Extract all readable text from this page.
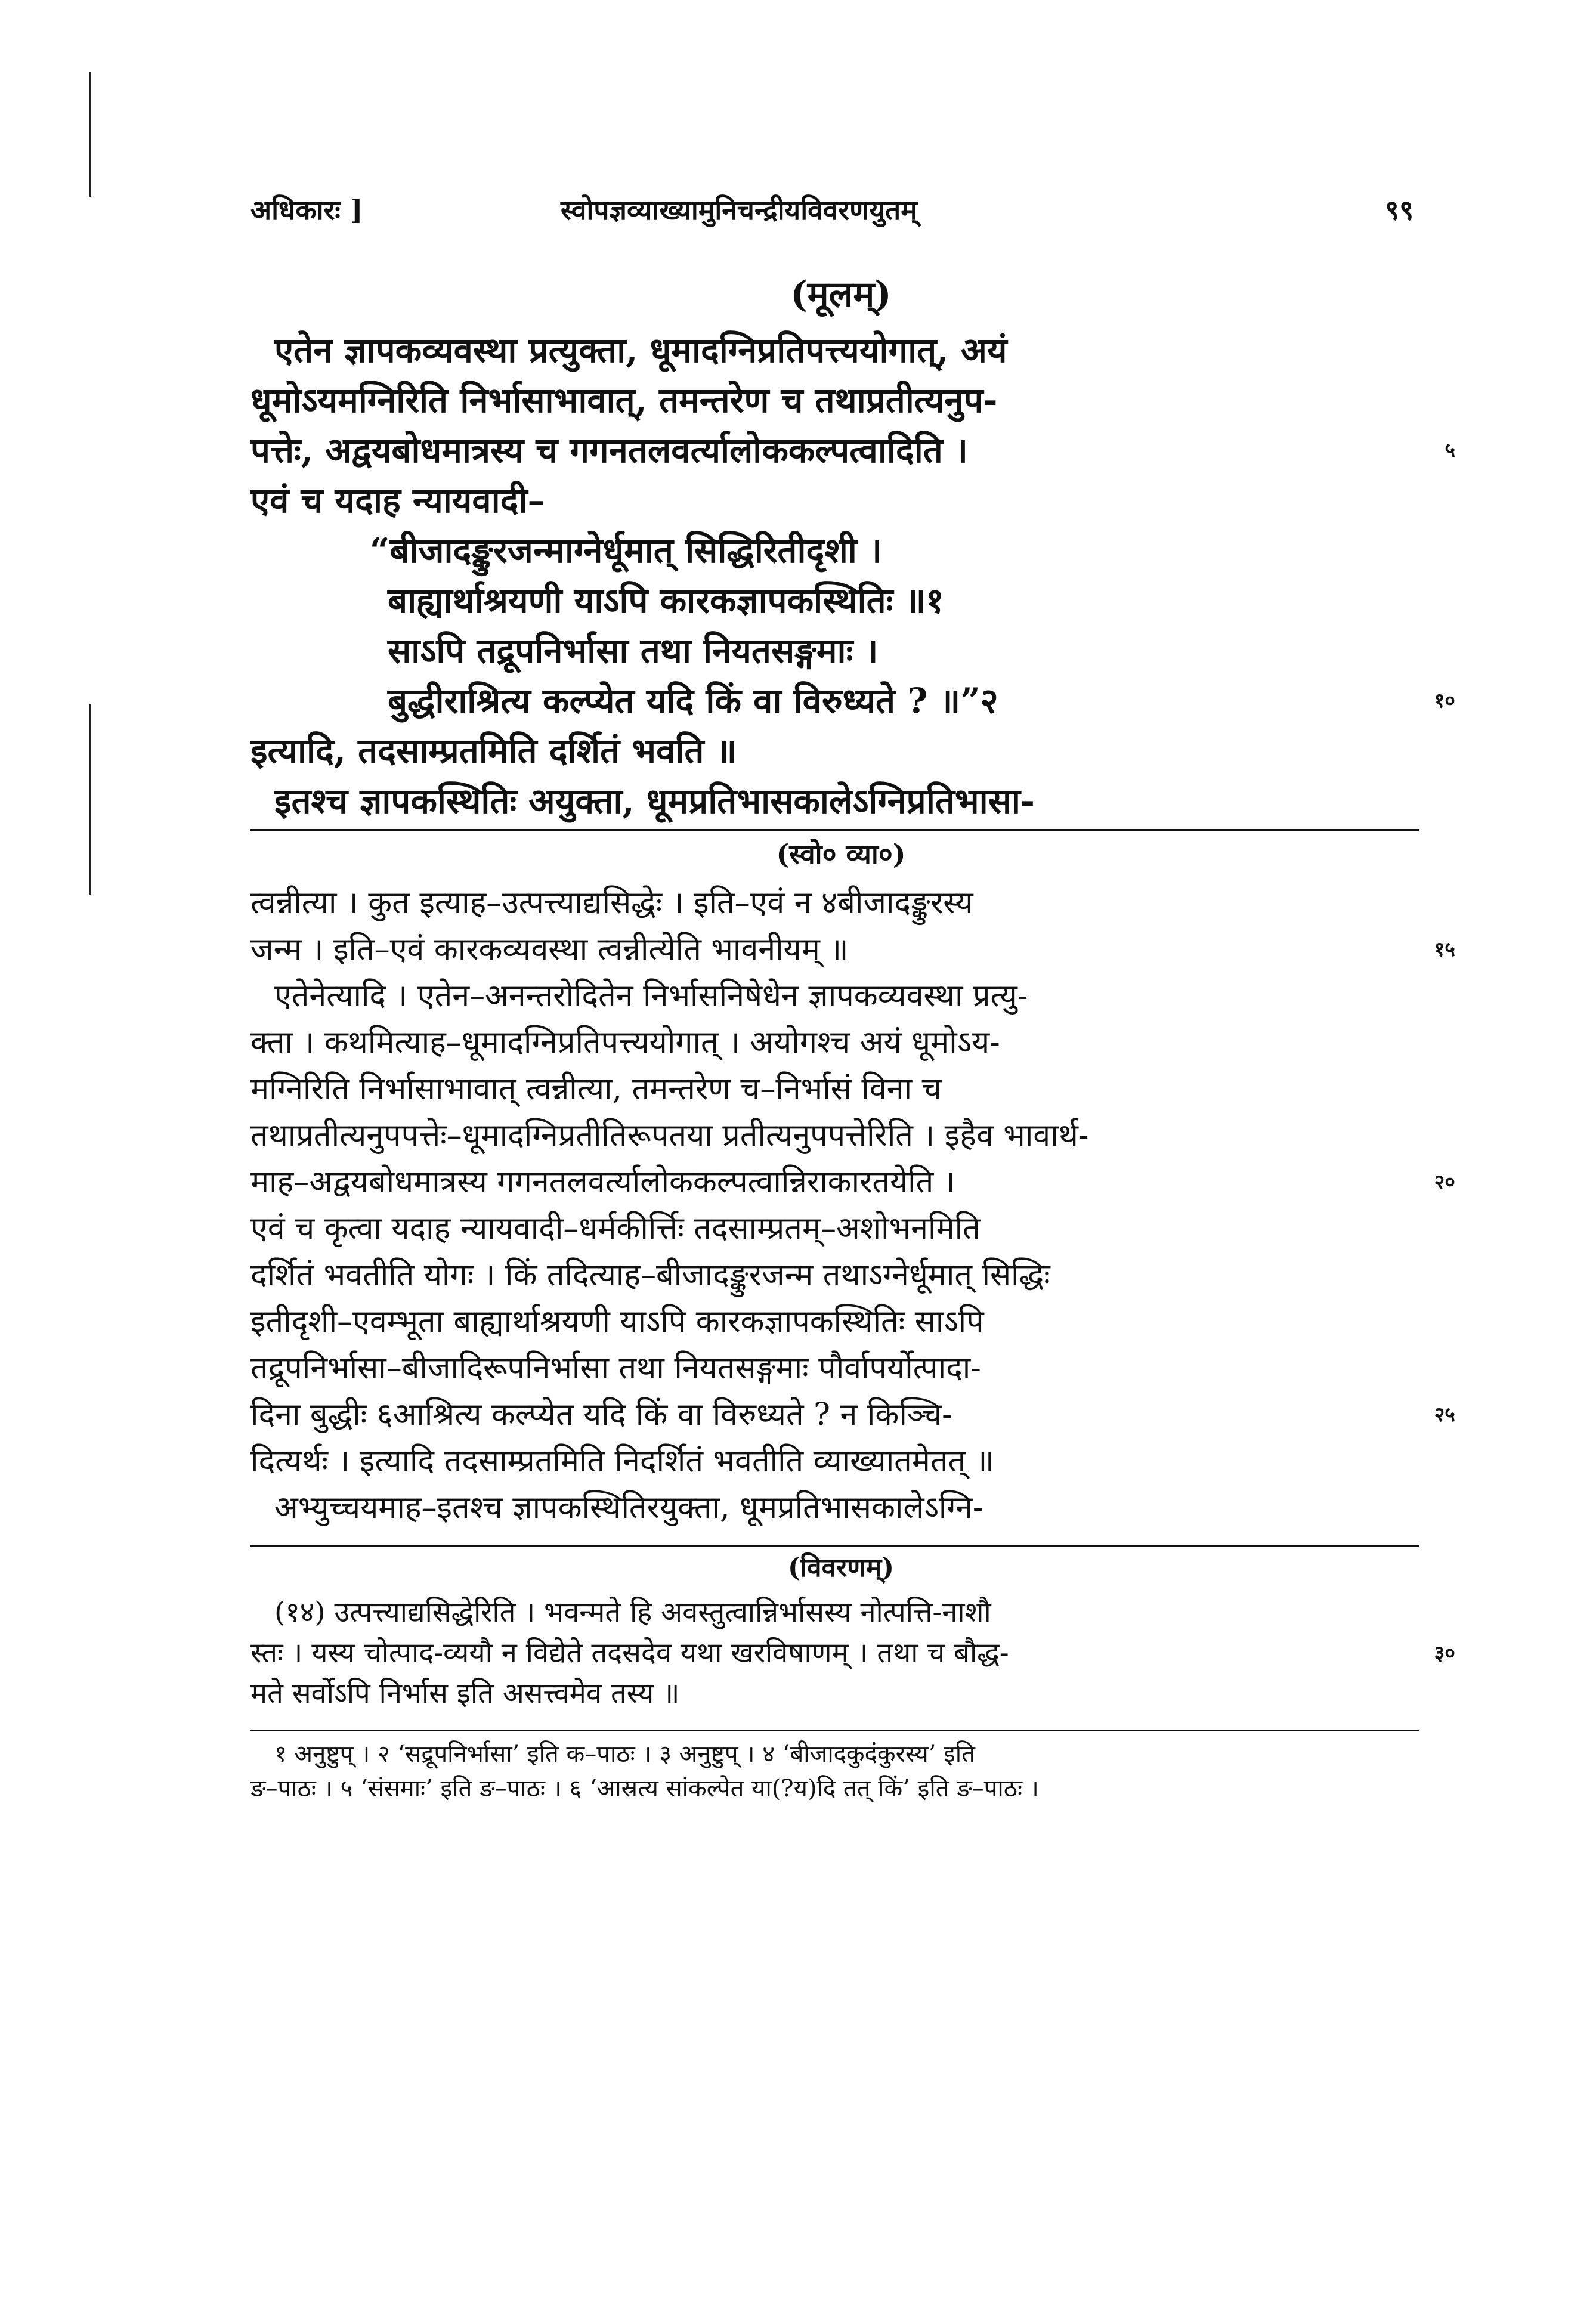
अधिकारः ]	स्वोपज्ञव्याख्यामुनिचन्द्रीयविवरणयुतम्	९९
(मूलम्)
एतेन ज्ञापकव्यवस्था प्रत्युक्ता, धूमादग्निप्रतिपत्त्ययोगात्, अयं
धूमोऽयमग्निरिति निर्भासाभावात्, तमन्तरेण च तथाप्रतीत्यनुप-
पत्तेः, अद्वयबोधमात्रस्य च गगनतलवर्त्यालोककल्पत्वादिति ।	५
एवं च यदाह न्यायवादी–
“बीजादङ्कुरजन्माग्नेर्धूमात् सिद्धिरितीदृशी ।
बाह्यार्थाश्रयणी याऽपि कारकज्ञापकस्थितिः ॥१
साऽपि तद्रूपनिर्भासा तथा नियतसङ्गमाः ।
बुद्धीराश्रित्य कल्प्येत यदि किं वा विरुध्यते ? ॥”२	१०
इत्यादि, तदसाम्प्रतमिति दर्शितं भवति ॥
इतश्च ज्ञापकस्थितिः अयुक्ता, धूमप्रतिभासकालेऽग्निप्रतिभासा-
(स्वो० व्या०)
त्वन्नीत्या । कुत इत्याह–उत्पत्त्याद्यसिद्धेः । इति–एवं न ४बीजादङ्कुरस्य
जन्म । इति–एवं कारकव्यवस्था त्वन्नीत्येति भावनीयम् ॥	१५
एतेनेत्यादि । एतेन–अनन्तरोदितेन निर्भासनिषेधेन ज्ञापकव्यवस्था प्रत्यु-
क्ता । कथमित्याह–धूमादग्निप्रतिपत्त्ययोगात् । अयोगश्च अयं धूमोऽय-
मग्निरिति निर्भासाभावात् त्वन्नीत्या, तमन्तरेण च–निर्भासं विना च
तथाप्रतीत्यनुपपत्तेः–धूमादग्निप्रतीतिरूपतया प्रतीत्यनुपपत्तेरिति । इहैव भावार्थ-
माह–अद्वयबोधमात्रस्य गगनतलवर्त्यालोककल्पत्वान्निराकारतयेति ।	२०
एवं च कृत्वा यदाह न्यायवादी–धर्मकीर्त्तिः तदसाम्प्रतम्–अशोभनमिति
दर्शितं भवतीति योगः । किं तदित्याह–बीजादङ्कुरजन्म तथाऽग्नेर्धूमात् सिद्धिः
इतीदृशी–एवम्भूता बाह्यार्थाश्रयणी याऽपि कारकज्ञापकस्थितिः साऽपि
तद्रूपनिर्भासा–बीजादिरूपनिर्भासा तथा नियतसङ्गमाः पौर्वापर्योत्पादा-
दिना बुद्धीः ६आश्रित्य कल्प्येत यदि किं वा विरुध्यते ? न किञ्चि-	२५
दित्यर्थः । इत्यादि तदसाम्प्रतमिति निदर्शितं भवतीति व्याख्यातमेतत् ॥
अभ्युच्चयमाह–इतश्च ज्ञापकस्थितिरयुक्ता, धूमप्रतिभासकालेऽग्नि-
(विवरणम्)
(१४) उत्पत्त्याद्यसिद्धेरिति । भवन्मते हि अवस्तुत्वान्निर्भासस्य नोत्पत्ति-नाशौ
स्तः । यस्य चोत्पाद-व्ययौ न विद्येते तदसदेव यथा खरविषाणम् । तथा च बौद्ध-	३०
मते सर्वोऽपि निर्भास इति असत्त्वमेव तस्य ॥
१ अनुष्टुप् । २ ‘सद्रूपनिर्भासा’ इति क–पाठः । ३ अनुष्टुप् । ४ ‘बीजादकुदंकुरस्य’ इति
ङ–पाठः । ५ ‘संसमाः’ इति ङ–पाठः । ६ ‘आस्रत्य सांकल्पेत या(?य)दि तत् किं’ इति ङ–पाठः ।
